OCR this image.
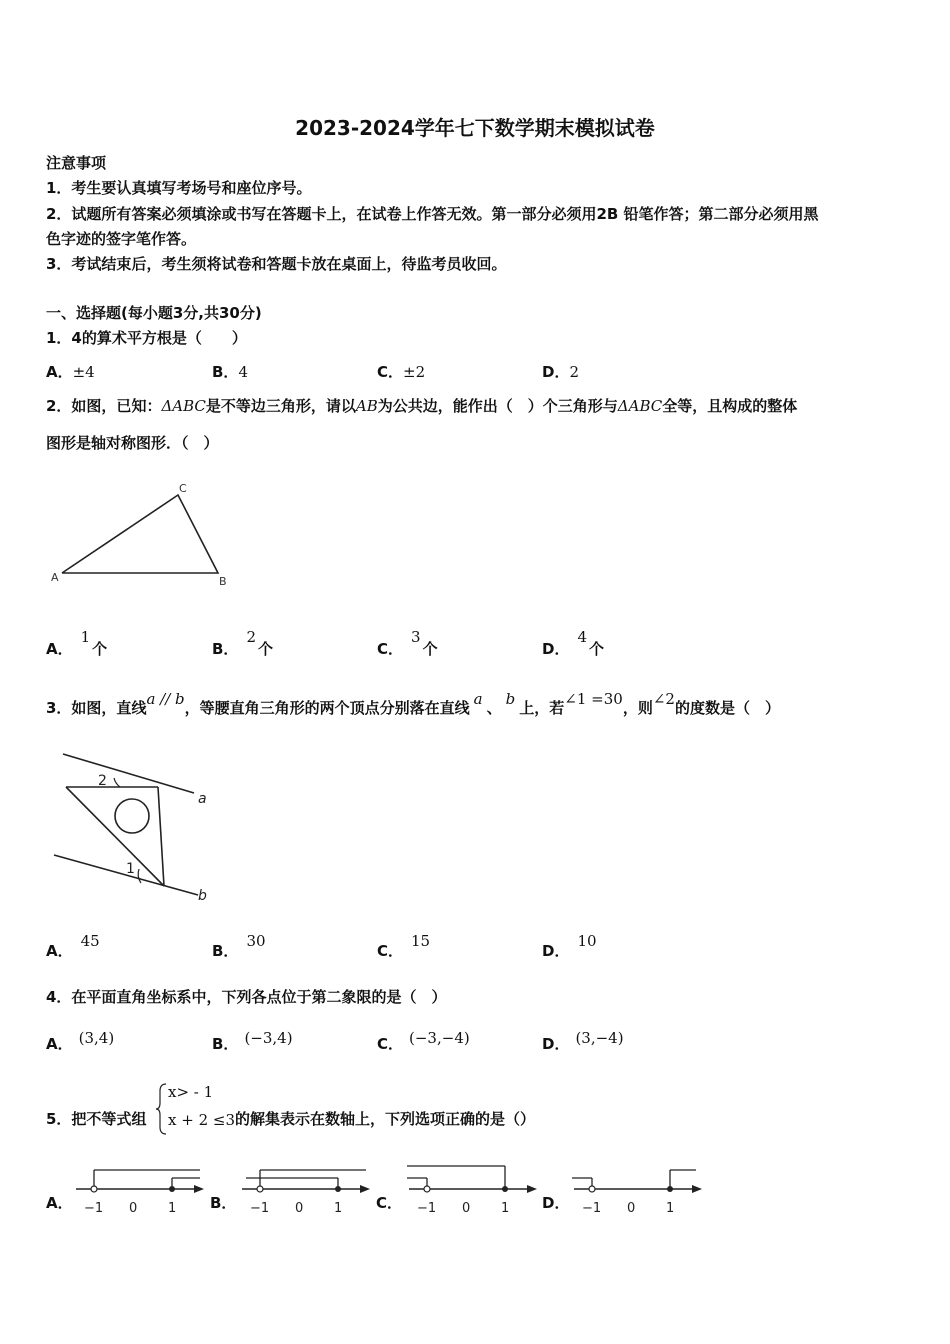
2023-2024学年七下数学期末模拟试卷
注意事项
1．考生要认真填写考场号和座位序号。
2．试题所有答案必须填涂或书写在答题卡上，在试卷上作答无效。第一部分必须用2B 铅笔作答；第二部分必须用黑
色字迹的签字笔作答。
3．考试结束后，考生须将试卷和答题卡放在桌面上，待监考员收回。
一、选择题(每小题3分,共30分)
1．4的算术平方根是（　　）
A．±4	B．4	C．±2	D．2
2．如图，已知：ΔABC是不等边三角形，请以AB为公共边，能作出（　）个三角形与ΔABC全等，且构成的整体
图形是轴对称图形．（　）
A	B
C
A．1个	B．2个	C．3个	D．4个
3．如图，直线a // b，等腰直角三角形的两个顶点分别落在直线 a 、 b 上，若∠1 =30，则∠2的度数是（　）
2
1
a
b
A．45
B．30
C．15
D．10
4．在平面直角坐标系中，下列各点位于第二象限的是（　）
A． (3,4)	B． (−3,4)	C． (−3,−4)	D． (3,−4)
5．把不等式组
x> - 1
x + 2 ≤3 的解集表示在数轴上，下列选项正确的是（）
A．	B．	C．	D．
−1 0 1	−1 0 1	−1 0 1	−1 0 1
